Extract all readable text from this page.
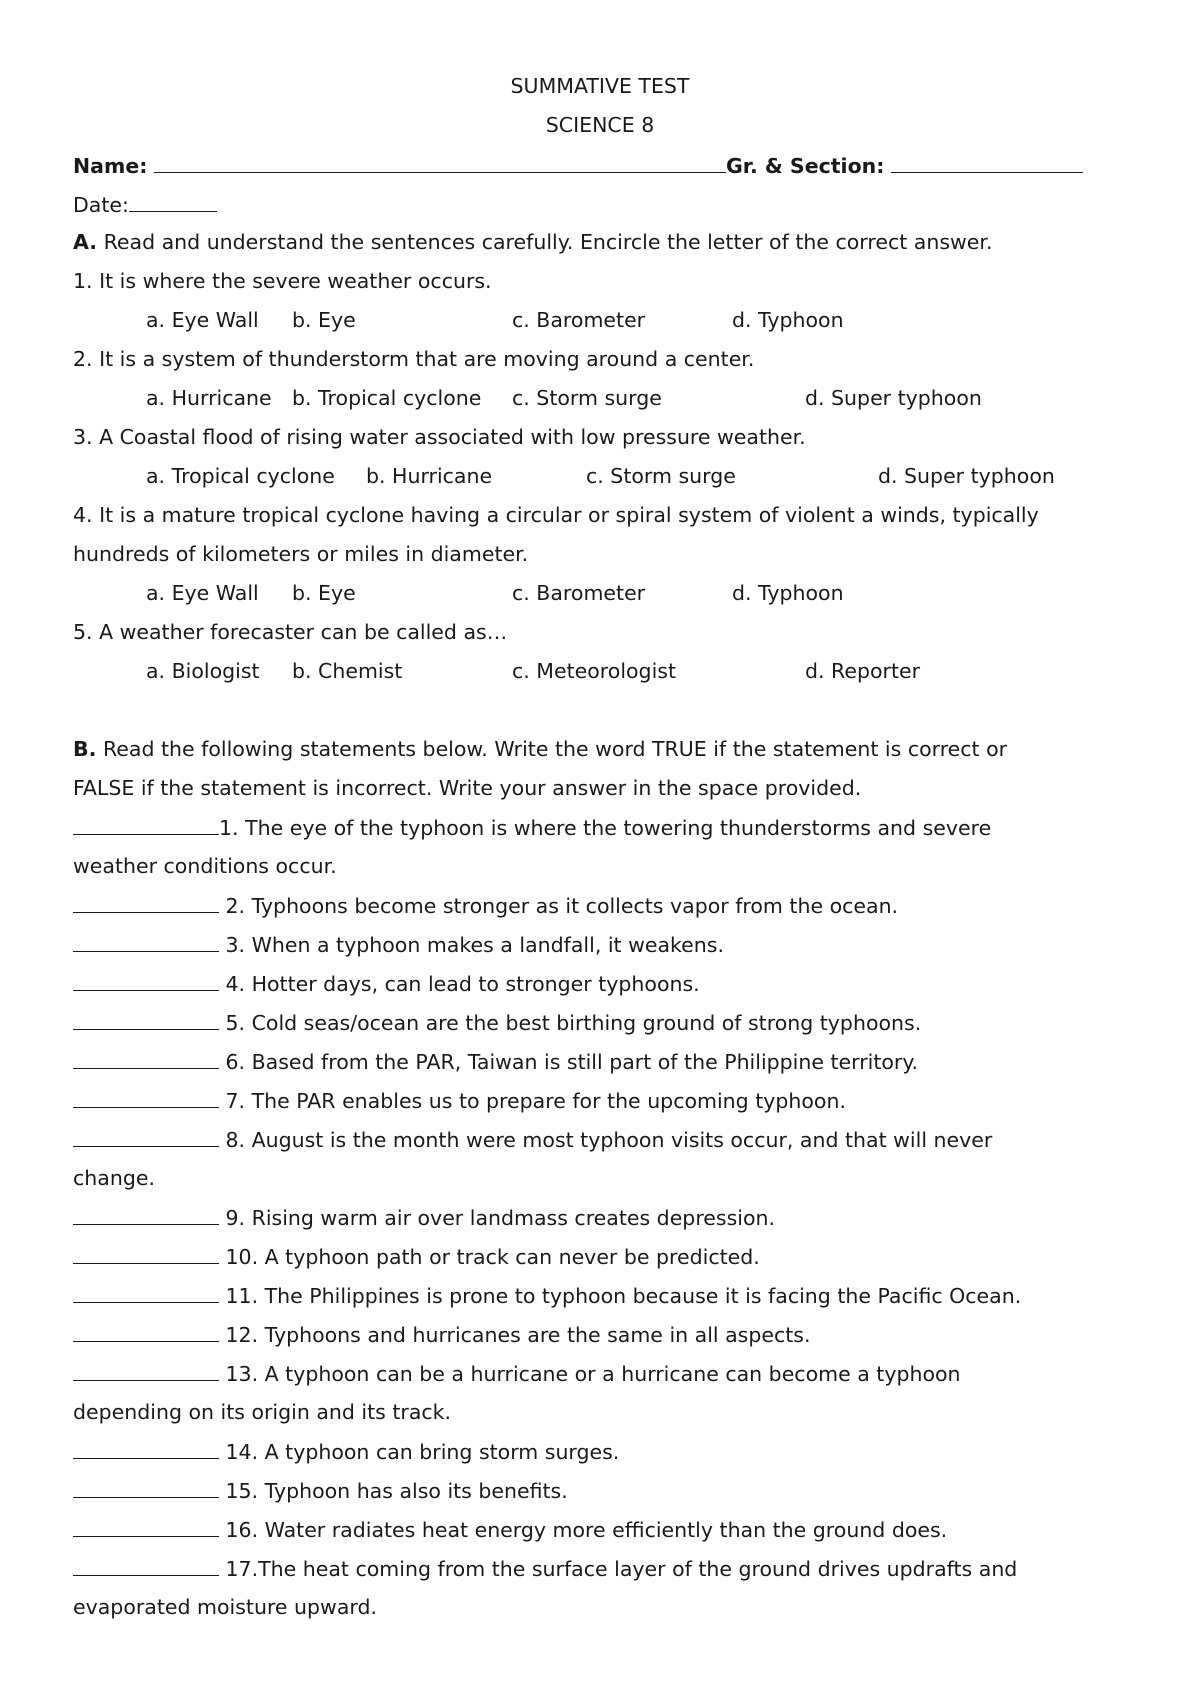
SUMMATIVE TEST
SCIENCE 8
Name:	Gr. & Section:
Date:
A. Read and understand the sentences carefully. Encircle the letter of the correct answer.
1. It is where the severe weather occurs.
a. Eye Wall b. Eye	c. Barometer	d. Typhoon
2. It is a system of thunderstorm that are moving around a center.
a. Hurricane b. Tropical cyclone c. Storm surge	d. Super typhoon
3. A Coastal flood of rising water associated with low pressure weather.
a. Tropical cyclone b. Hurricane	c. Storm surge	d. Super typhoon
4. It is a mature tropical cyclone having a circular or spiral system of violent a winds, typically
hundreds of kilometers or miles in diameter.
a. Eye Wall b. Eye	c. Barometer	d. Typhoon
5. A weather forecaster can be called as…
a. Biologist b. Chemist	c. Meteorologist	d. Reporter
B. Read the following statements below. Write the word TRUE if the statement is correct or
FALSE if the statement is incorrect. Write your answer in the space provided.
1. The eye of the typhoon is where the towering thunderstorms and severe
weather conditions occur.
2. Typhoons become stronger as it collects vapor from the ocean.
3. When a typhoon makes a landfall, it weakens.
4. Hotter days, can lead to stronger typhoons.
5. Cold seas/ocean are the best birthing ground of strong typhoons.
6. Based from the PAR, Taiwan is still part of the Philippine territory.
7. The PAR enables us to prepare for the upcoming typhoon.
8. August is the month were most typhoon visits occur, and that will never
change.
9. Rising warm air over landmass creates depression.
10. A typhoon path or track can never be predicted.
11. The Philippines is prone to typhoon because it is facing the Pacific Ocean.
12. Typhoons and hurricanes are the same in all aspects.
13. A typhoon can be a hurricane or a hurricane can become a typhoon
depending on its origin and its track.
14. A typhoon can bring storm surges.
15. Typhoon has also its benefits.
16. Water radiates heat energy more efficiently than the ground does.
17.The heat coming from the surface layer of the ground drives updrafts and
evaporated moisture upward.
